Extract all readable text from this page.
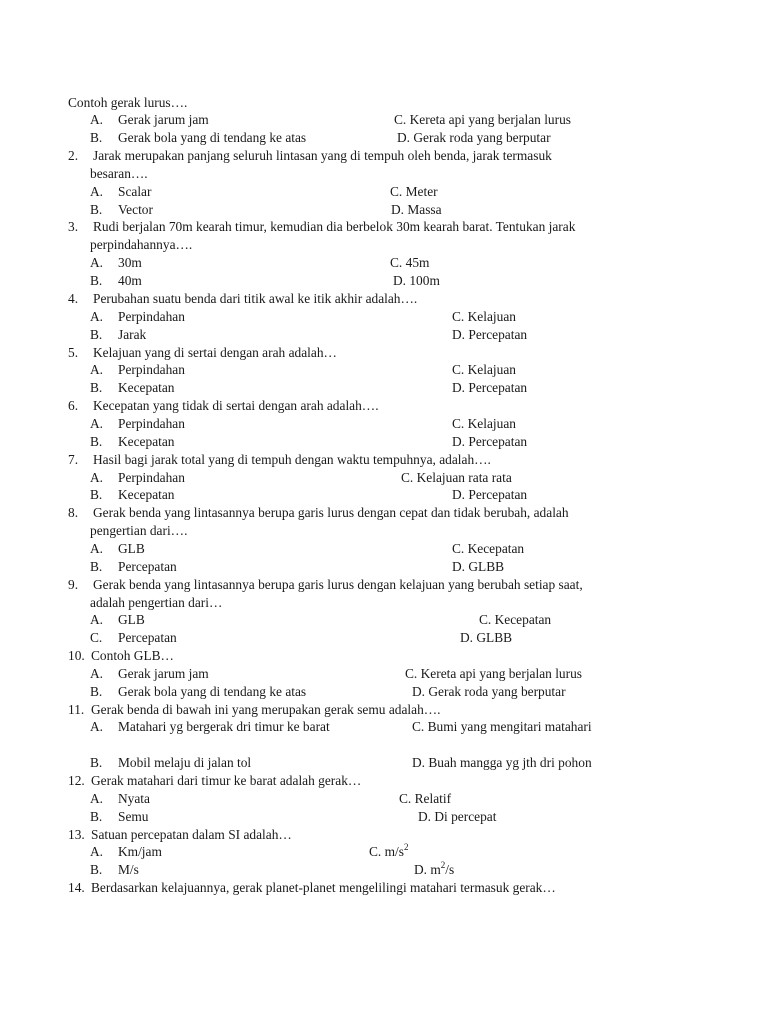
Contoh gerak lurus….
A. Gerak jarum jam	C. Kereta api yang berjalan lurus
B. Gerak bola yang di tendang ke atas	D. Gerak roda yang berputar
2. Jarak merupakan panjang seluruh lintasan yang di tempuh oleh benda, jarak termasuk
besaran….
A. Scalar	C. Meter
B. Vector	D. Massa
3. Rudi berjalan 70m kearah timur, kemudian dia berbelok 30m kearah barat. Tentukan jarak
perpindahannya….
A. 30m	C. 45m
B. 40m	D. 100m
4. Perubahan suatu benda dari titik awal ke itik akhir adalah….
A. Perpindahan	C. Kelajuan
B. Jarak	D. Percepatan
5. Kelajuan yang di sertai dengan arah adalah…
A. Perpindahan	C. Kelajuan
B. Kecepatan	D. Percepatan
6. Kecepatan yang tidak di sertai dengan arah adalah….
A. Perpindahan	C. Kelajuan
B. Kecepatan	D. Percepatan
7. Hasil bagi jarak total yang di tempuh dengan waktu tempuhnya, adalah….
A. Perpindahan	C. Kelajuan rata rata
B. Kecepatan	D. Percepatan
8. Gerak benda yang lintasannya berupa garis lurus dengan cepat dan tidak berubah, adalah
pengertian dari….
A. GLB	C. Kecepatan
B. Percepatan	D. GLBB
9. Gerak benda yang lintasannya berupa garis lurus dengan kelajuan yang berubah setiap saat,
adalah pengertian dari…
A. GLB	C. Kecepatan
C. Percepatan	D. GLBB
10. Contoh GLB…
A. Gerak jarum jam	C. Kereta api yang berjalan lurus
B. Gerak bola yang di tendang ke atas	D. Gerak roda yang berputar
11. Gerak benda di bawah ini yang merupakan gerak semu adalah….
A. Matahari yg bergerak dri timur ke barat	C. Bumi yang mengitari matahari
B. Mobil melaju di jalan tol	D. Buah mangga yg jth dri pohon
12. Gerak matahari dari timur ke barat adalah gerak…
A. Nyata	C. Relatif
B. Semu	D. Di percepat
13. Satuan percepatan dalam SI adalah…
A. Km/jam	C. $m/s^2$
B. M/s	D. $m^2/s$
14. Berdasarkan kelajuannya, gerak planet-planet mengelilingi matahari termasuk gerak…
